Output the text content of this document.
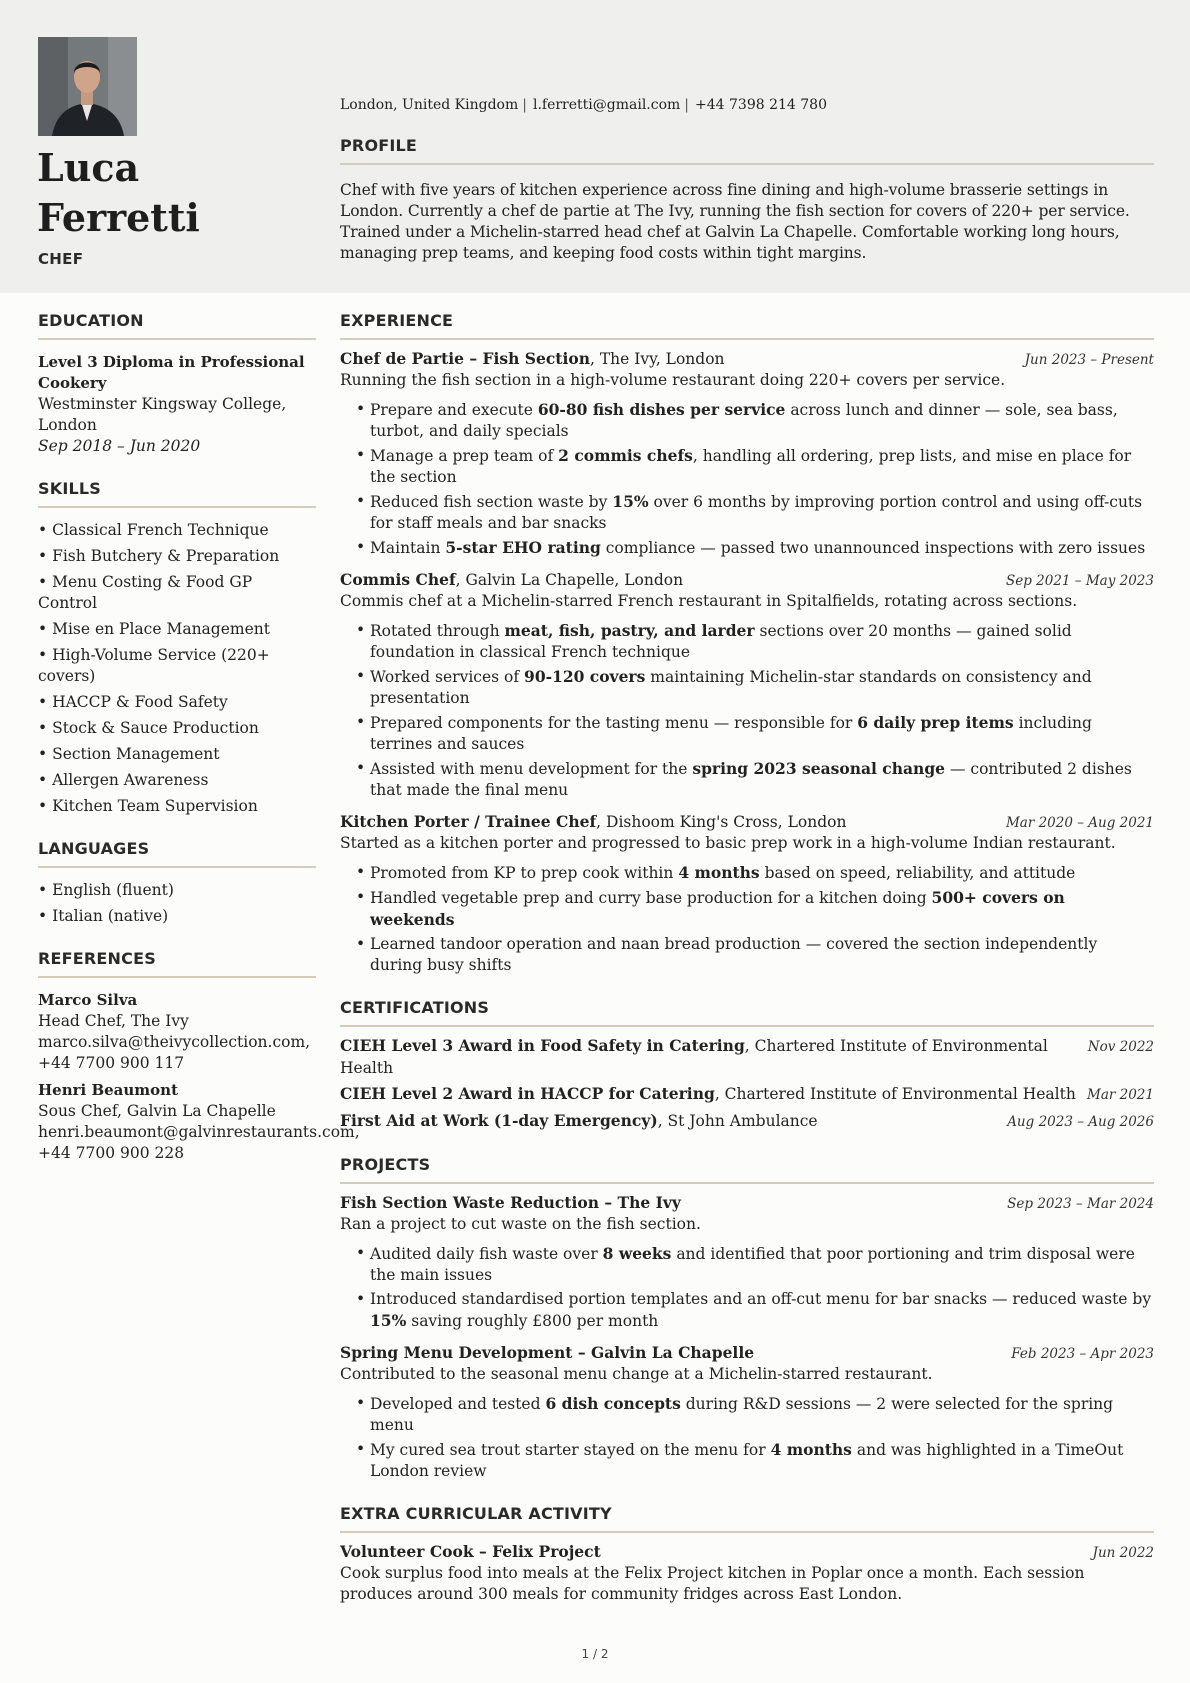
Luca Ferretti
CHEF
London, United Kingdom | l.ferretti@gmail.com | +44 7398 214 780
PROFILE

Chef with five years of kitchen experience across fine dining and high-volume brasserie settings in London. Currently a chef de partie at The Ivy, running the fish section for covers of 220+ per service. Trained under a Michelin-starred head chef at Galvin La Chapelle. Comfortable working long hours, managing prep teams, and keeping food costs within tight margins.

EDUCATION
Level 3 Diploma in Professional Cookery
Westminster Kingsway College, London
Sep 2018 – Jun 2020
SKILLS
• Classical French Technique
• Fish Butchery & Preparation
• Menu Costing & Food GP Control
• Mise en Place Management
• High-Volume Service (220+ covers)
• HACCP & Food Safety
• Stock & Sauce Production
• Section Management
• Allergen Awareness
• Kitchen Team Supervision
LANGUAGES
• English (fluent)
• Italian (native)
REFERENCES
Marco Silva
Head Chef, The Ivy
marco.silva@theivycollection.com, +44 7700 900 117
Henri Beaumont
Sous Chef, Galvin La Chapelle
henri.beaumont@galvinrestaurants.com, +44 7700 900 228
EXPERIENCE
Chef de Partie – Fish Section, The Ivy, London	Jun 2023 – Present
Running the fish section in a high-volume restaurant doing 220+ covers per service.
• Prepare and execute 60-80 fish dishes per service across lunch and dinner — sole, sea bass, turbot, and daily specials
• Manage a prep team of 2 commis chefs, handling all ordering, prep lists, and mise en place for the section
• Reduced fish section waste by 15% over 6 months by improving portion control and using off-cuts for staff meals and bar snacks
• Maintain 5-star EHO rating compliance — passed two unannounced inspections with zero issues
Commis Chef, Galvin La Chapelle, London	Sep 2021 – May 2023
Commis chef at a Michelin-starred French restaurant in Spitalfields, rotating across sections.
• Rotated through meat, fish, pastry, and larder sections over 20 months — gained solid foundation in classical French technique
• Worked services of 90-120 covers maintaining Michelin-star standards on consistency and presentation
• Prepared components for the tasting menu — responsible for 6 daily prep items including terrines and sauces
• Assisted with menu development for the spring 2023 seasonal change — contributed 2 dishes that made the final menu
Kitchen Porter / Trainee Chef, Dishoom King's Cross, London	Mar 2020 – Aug 2021
Started as a kitchen porter and progressed to basic prep work in a high-volume Indian restaurant.
• Promoted from KP to prep cook within 4 months based on speed, reliability, and attitude
• Handled vegetable prep and curry base production for a kitchen doing 500+ covers on weekends
• Learned tandoor operation and naan bread production — covered the section independently during busy shifts
CERTIFICATIONS
CIEH Level 3 Award in Food Safety in Catering, Chartered Institute of Environmental Health
Nov 2022
CIEH Level 2 Award in HACCP for Catering, Chartered Institute of Environmental Health Mar 2021
First Aid at Work (1-day Emergency), St John Ambulance	Aug 2023 – Aug 2026
PROJECTS
Fish Section Waste Reduction – The Ivy	Sep 2023 – Mar 2024
Ran a project to cut waste on the fish section.
• Audited daily fish waste over 8 weeks and identified that poor portioning and trim disposal were the main issues
• Introduced standardised portion templates and an off-cut menu for bar snacks — reduced waste by 15% saving roughly £800 per month
Spring Menu Development – Galvin La Chapelle	Feb 2023 – Apr 2023
Contributed to the seasonal menu change at a Michelin-starred restaurant.
• Developed and tested 6 dish concepts during R&D sessions — 2 were selected for the spring menu
• My cured sea trout starter stayed on the menu for 4 months and was highlighted in a TimeOut London review
EXTRA CURRICULAR ACTIVITY
Volunteer Cook – Felix Project	Jun 2022
Cook surplus food into meals at the Felix Project kitchen in Poplar once a month. Each session produces around 300 meals for community fridges across East London.
1 / 2
